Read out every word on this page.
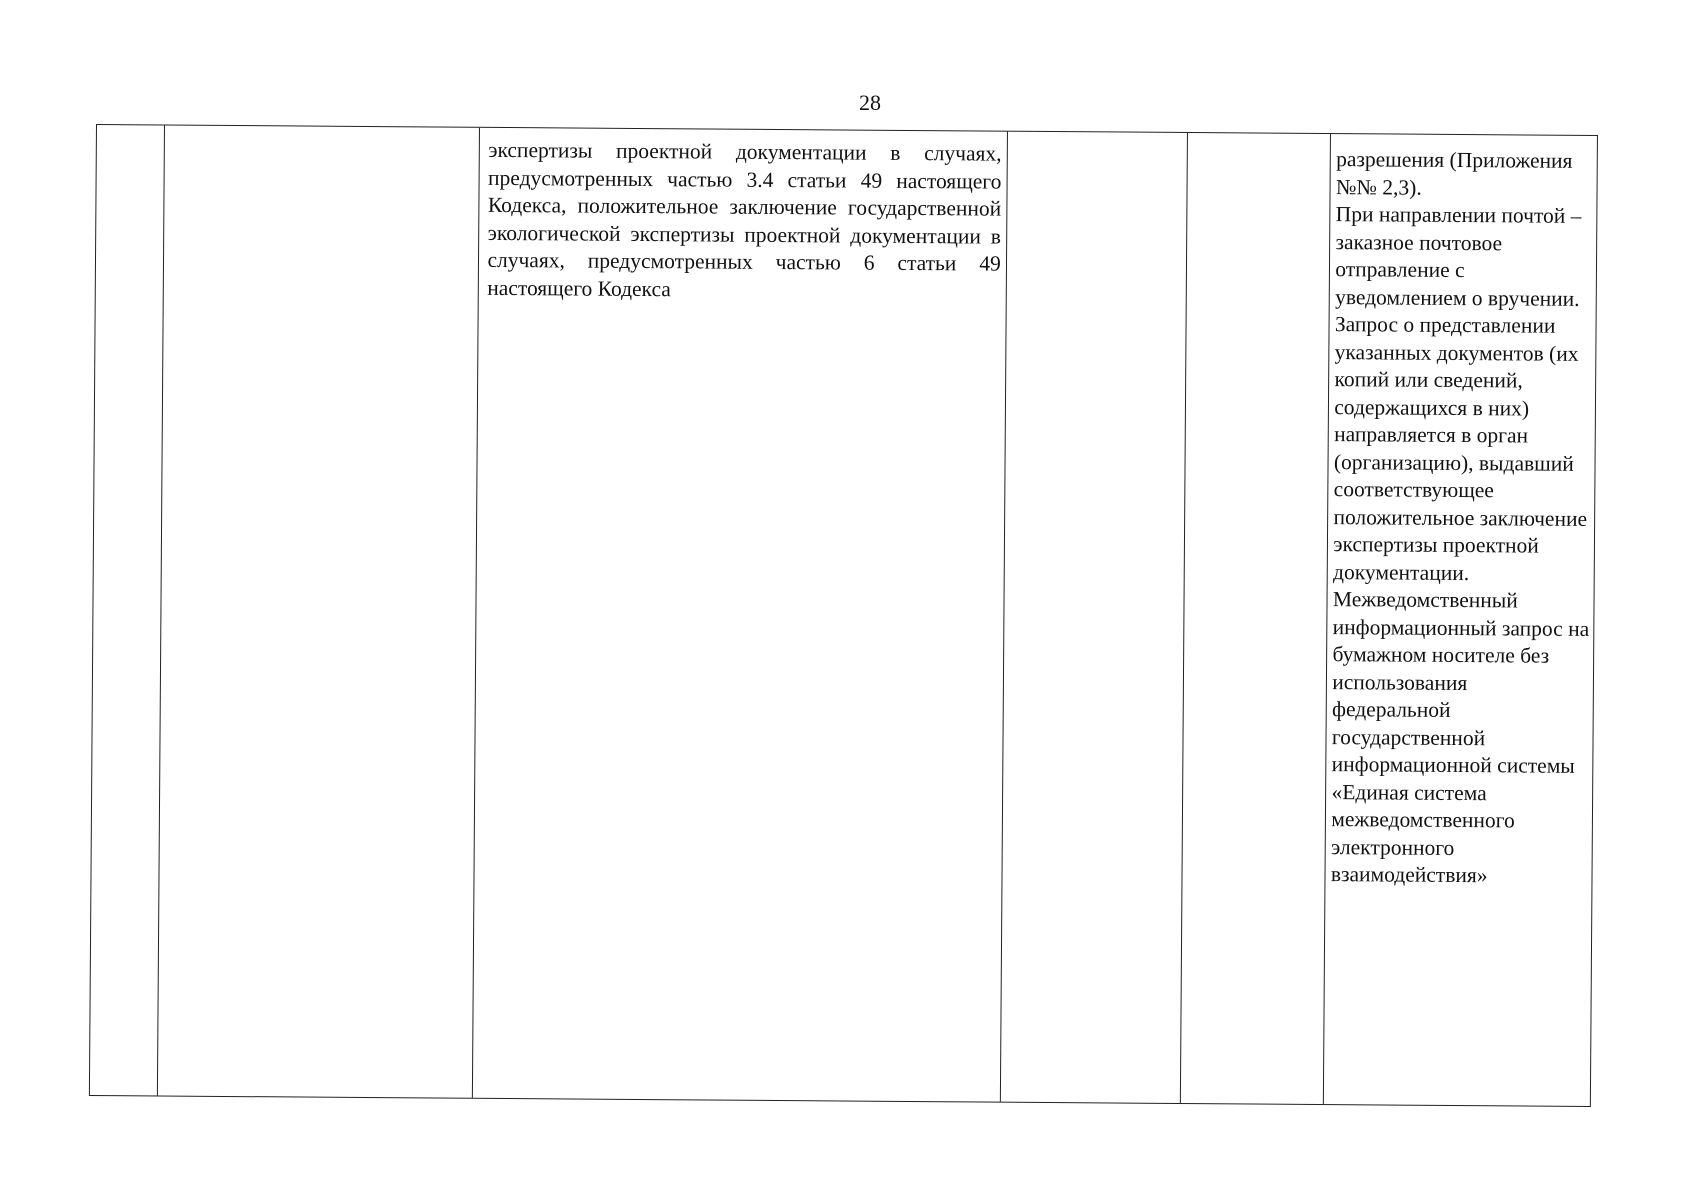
28
экспертизы проектной документации в случаях, предусмотренных частью 3.4 статьи 49 настоящего Кодекса, положительное заключение государственной экологической экспертизы проектной документации в случаях, предусмотренных частью 6 статьи 49 настоящего Кодекса
разрешения (Приложения №№ 2,3).
При направлении почтой – заказное почтовое отправление с уведомлением о вручении.
Запрос о представлении указанных документов (их копий или сведений, содержащихся в них) направляется в орган (организацию), выдавший соответствующее положительное заключение экспертизы проектной документации.
Межведомственный информационный запрос на бумажном носителе без использования федеральной государственной информационной системы «Единая система межведомственного электронного взаимодействия»
